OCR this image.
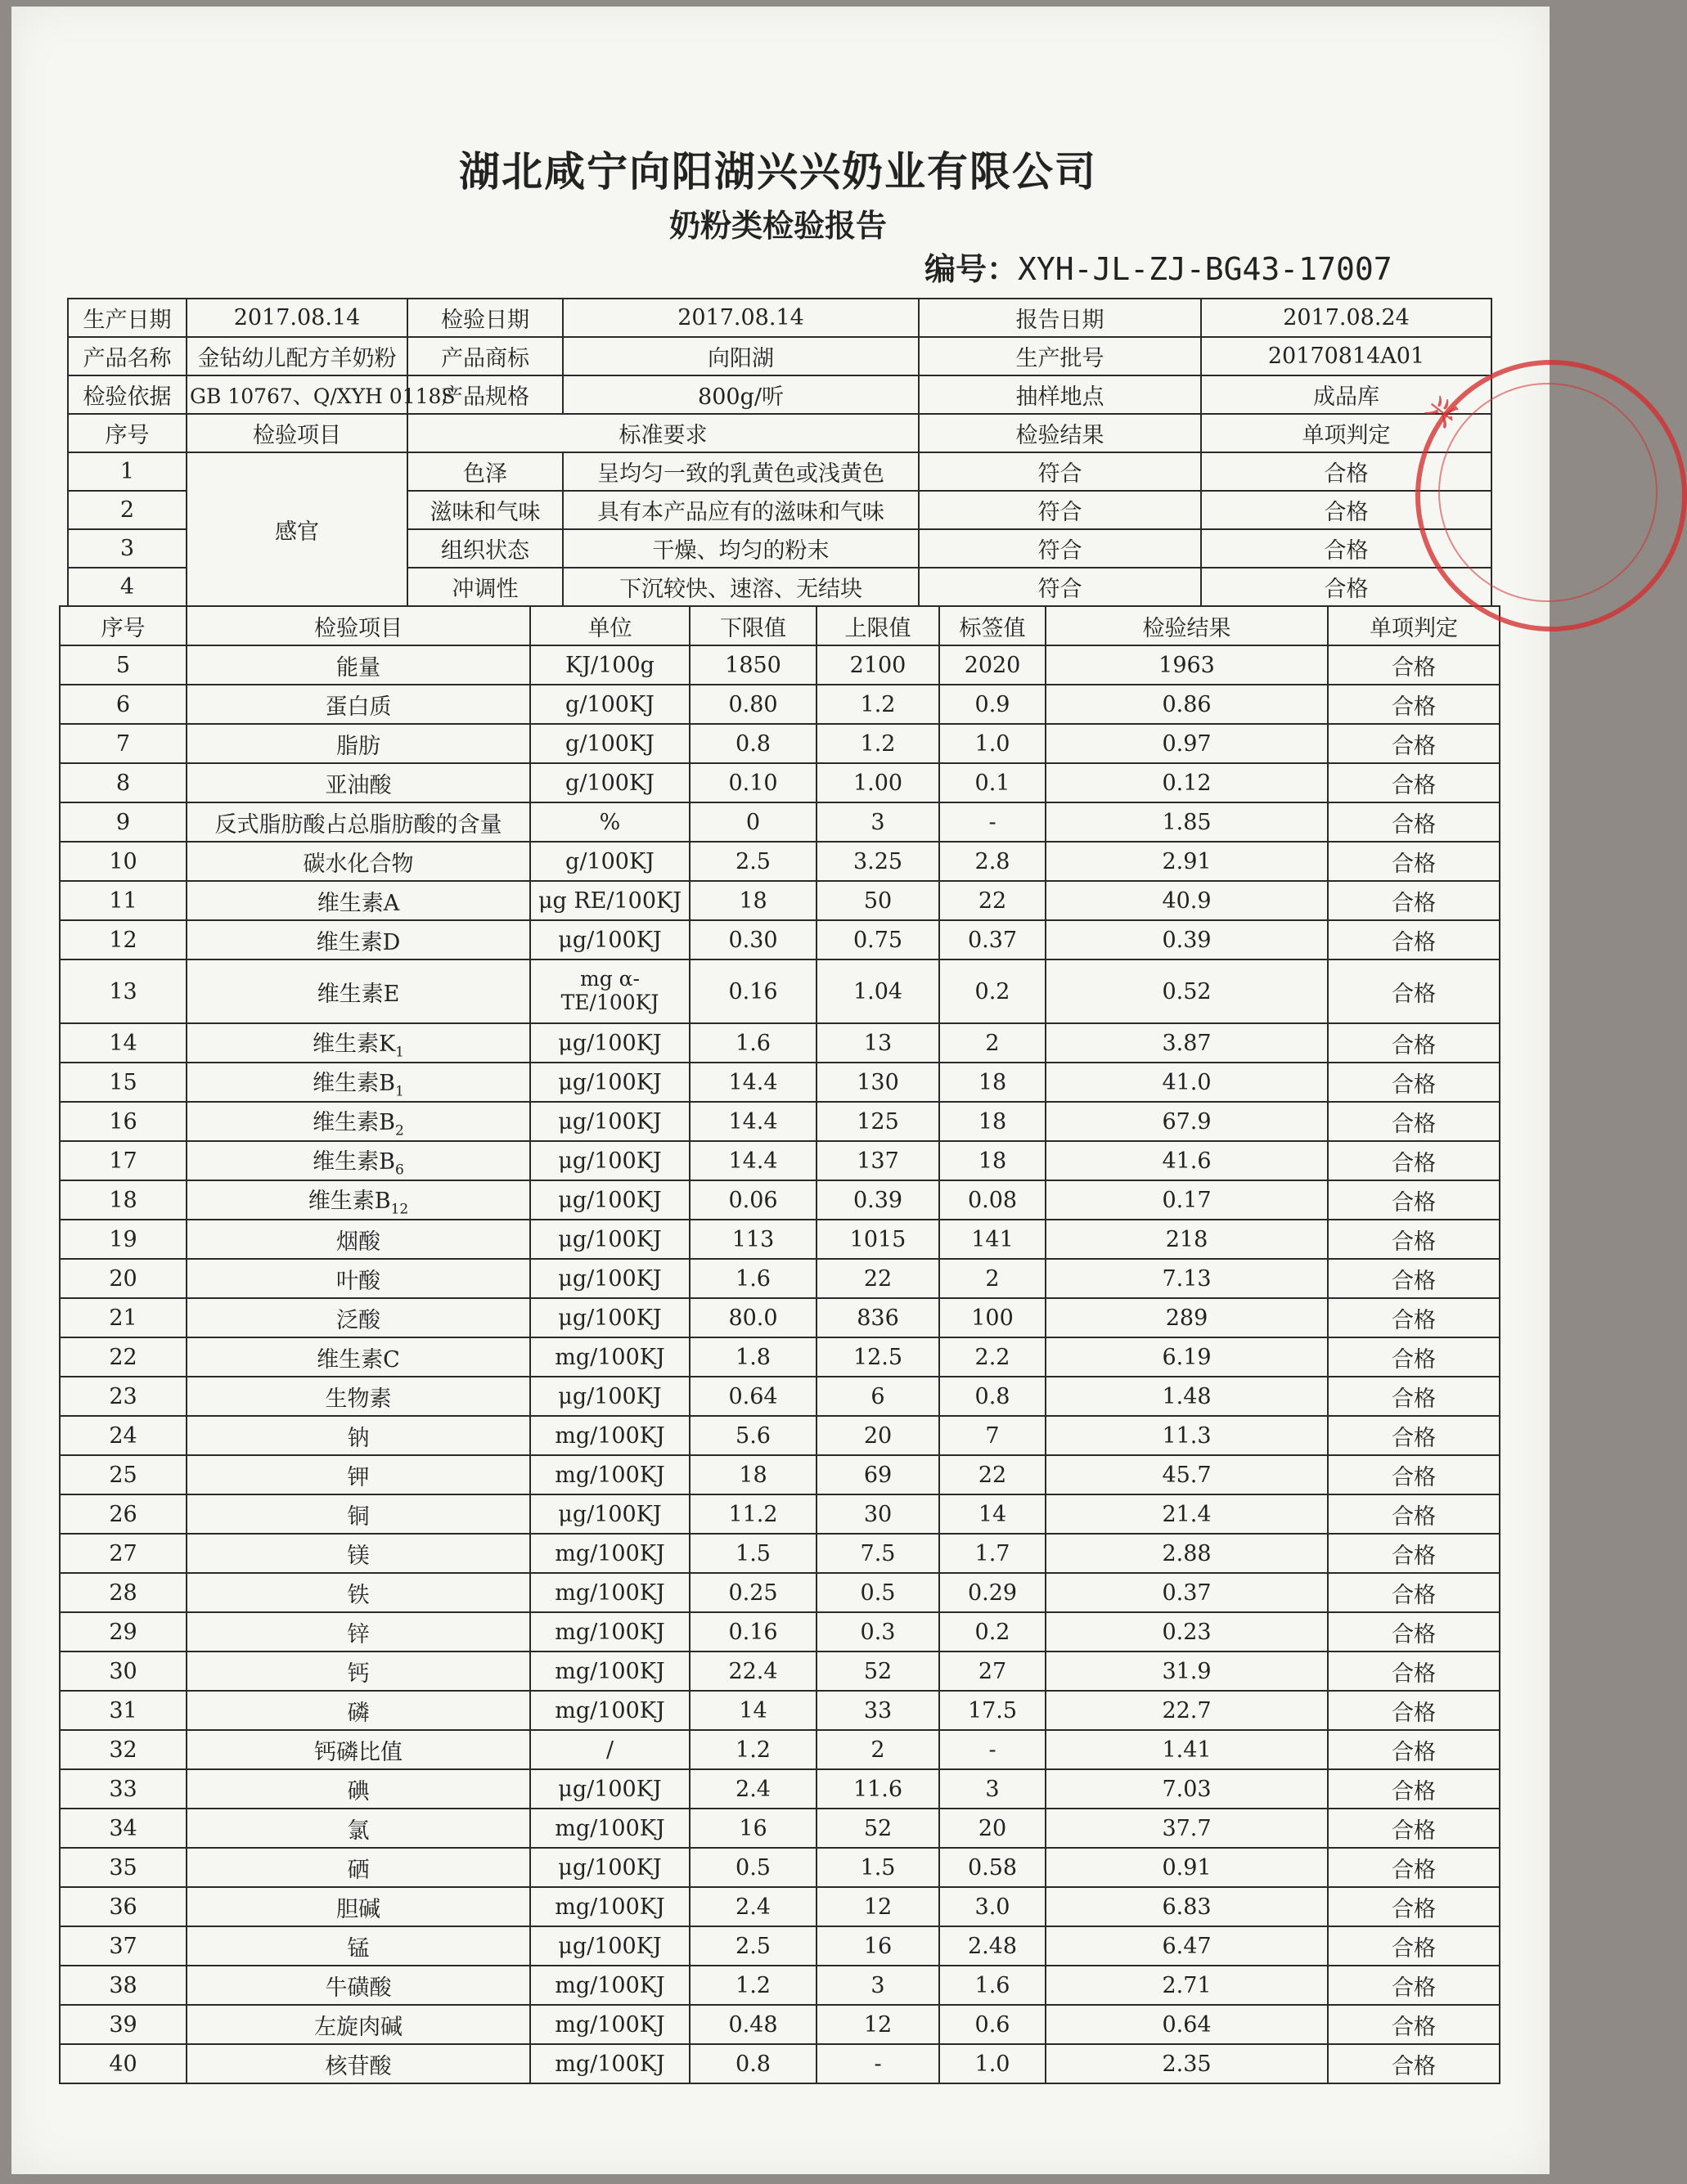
湖北咸宁向阳湖兴兴奶业有限公司
奶粉类检验报告
编号：XYH-JL-ZJ-BG43-17007
生产日期	2017.08.14	检验日期	2017.08.14	报告日期	2017.08.24
产品名称	金钻幼儿配方羊奶粉	产品商标	向阳湖	生产批号	20170814A01
检验依据	GB 10767、Q/XYH 0118S	产品规格	800g/听	抽样地点	成品库
序号	检验项目	标准要求		检验结果	单项判定
1	感官	色泽	呈均匀一致的乳黄色或浅黄色	符合	合格
2		滋味和气味	具有本产品应有的滋味和气味	符合	合格
3		组织状态	干燥、均匀的粉末	符合	合格
4		冲调性	下沉较快、速溶、无结块	符合	合格
序号	检验项目	单位	下限值	上限值	标签值	检验结果	单项判定
5	能量	KJ/100g	1850	2100	2020	1963	合格
6	蛋白质	g/100KJ	0.80	1.2	0.9	0.86	合格
7	脂肪	g/100KJ	0.8	1.2	1.0	0.97	合格
8	亚油酸	g/100KJ	0.10	1.00	0.1	0.12	合格
9	反式脂肪酸占总脂肪酸的含量	%	0	3	-	1.85	合格
10	碳水化合物	g/100KJ	2.5	3.25	2.8	2.91	合格
11	维生素A	μg RE/100KJ	18	50	22	40.9	合格
12	维生素D	μg/100KJ	0.30	0.75	0.37	0.39	合格
13	维生素E	mg α-TE/100KJ	0.16	1.04	0.2	0.52	合格
14	维生素$K_1$	μg/100KJ	1.6	13	2	3.87	合格
15	维生素$B_1$	μg/100KJ	14.4	130	18	41.0	合格
16	维生素$B_2$	μg/100KJ	14.4	125	18	67.9	合格
17	维生素$B_6$	μg/100KJ	14.4	137	18	41.6	合格
18	维生素$B_{12}$	μg/100KJ	0.06	0.39	0.08	0.17	合格
19	烟酸	μg/100KJ	113	1015	141	218	合格
20	叶酸	μg/100KJ	1.6	22	2	7.13	合格
21	泛酸	μg/100KJ	80.0	836	100	289	合格
22	维生素C	mg/100KJ	1.8	12.5	2.2	6.19	合格
23	生物素	μg/100KJ	0.64	6	0.8	1.48	合格
24	钠	mg/100KJ	5.6	20	7	11.3	合格
25	钾	mg/100KJ	18	69	22	45.7	合格
26	铜	μg/100KJ	11.2	30	14	21.4	合格
27	镁	mg/100KJ	1.5	7.5	1.7	2.88	合格
28	铁	mg/100KJ	0.25	0.5	0.29	0.37	合格
29	锌	mg/100KJ	0.16	0.3	0.2	0.23	合格
30	钙	mg/100KJ	22.4	52	27	31.9	合格
31	磷	mg/100KJ	14	33	17.5	22.7	合格
32	钙磷比值	/	1.2	2	-	1.41	合格
33	碘	μg/100KJ	2.4	11.6	3	7.03	合格
34	氯	mg/100KJ	16	52	20	37.7	合格
35	硒	μg/100KJ	0.5	1.5	0.58	0.91	合格
36	胆碱	mg/100KJ	2.4	12	3.0	6.83	合格
37	锰	μg/100KJ	2.5	16	2.48	6.47	合格
38	牛磺酸	mg/100KJ	1.2	3	1.6	2.71	合格
39	左旋肉碱	mg/100KJ	0.48	12	0.6	0.64	合格
40	核苷酸	mg/100KJ	0.8	-	1.0	2.35	合格
兴
